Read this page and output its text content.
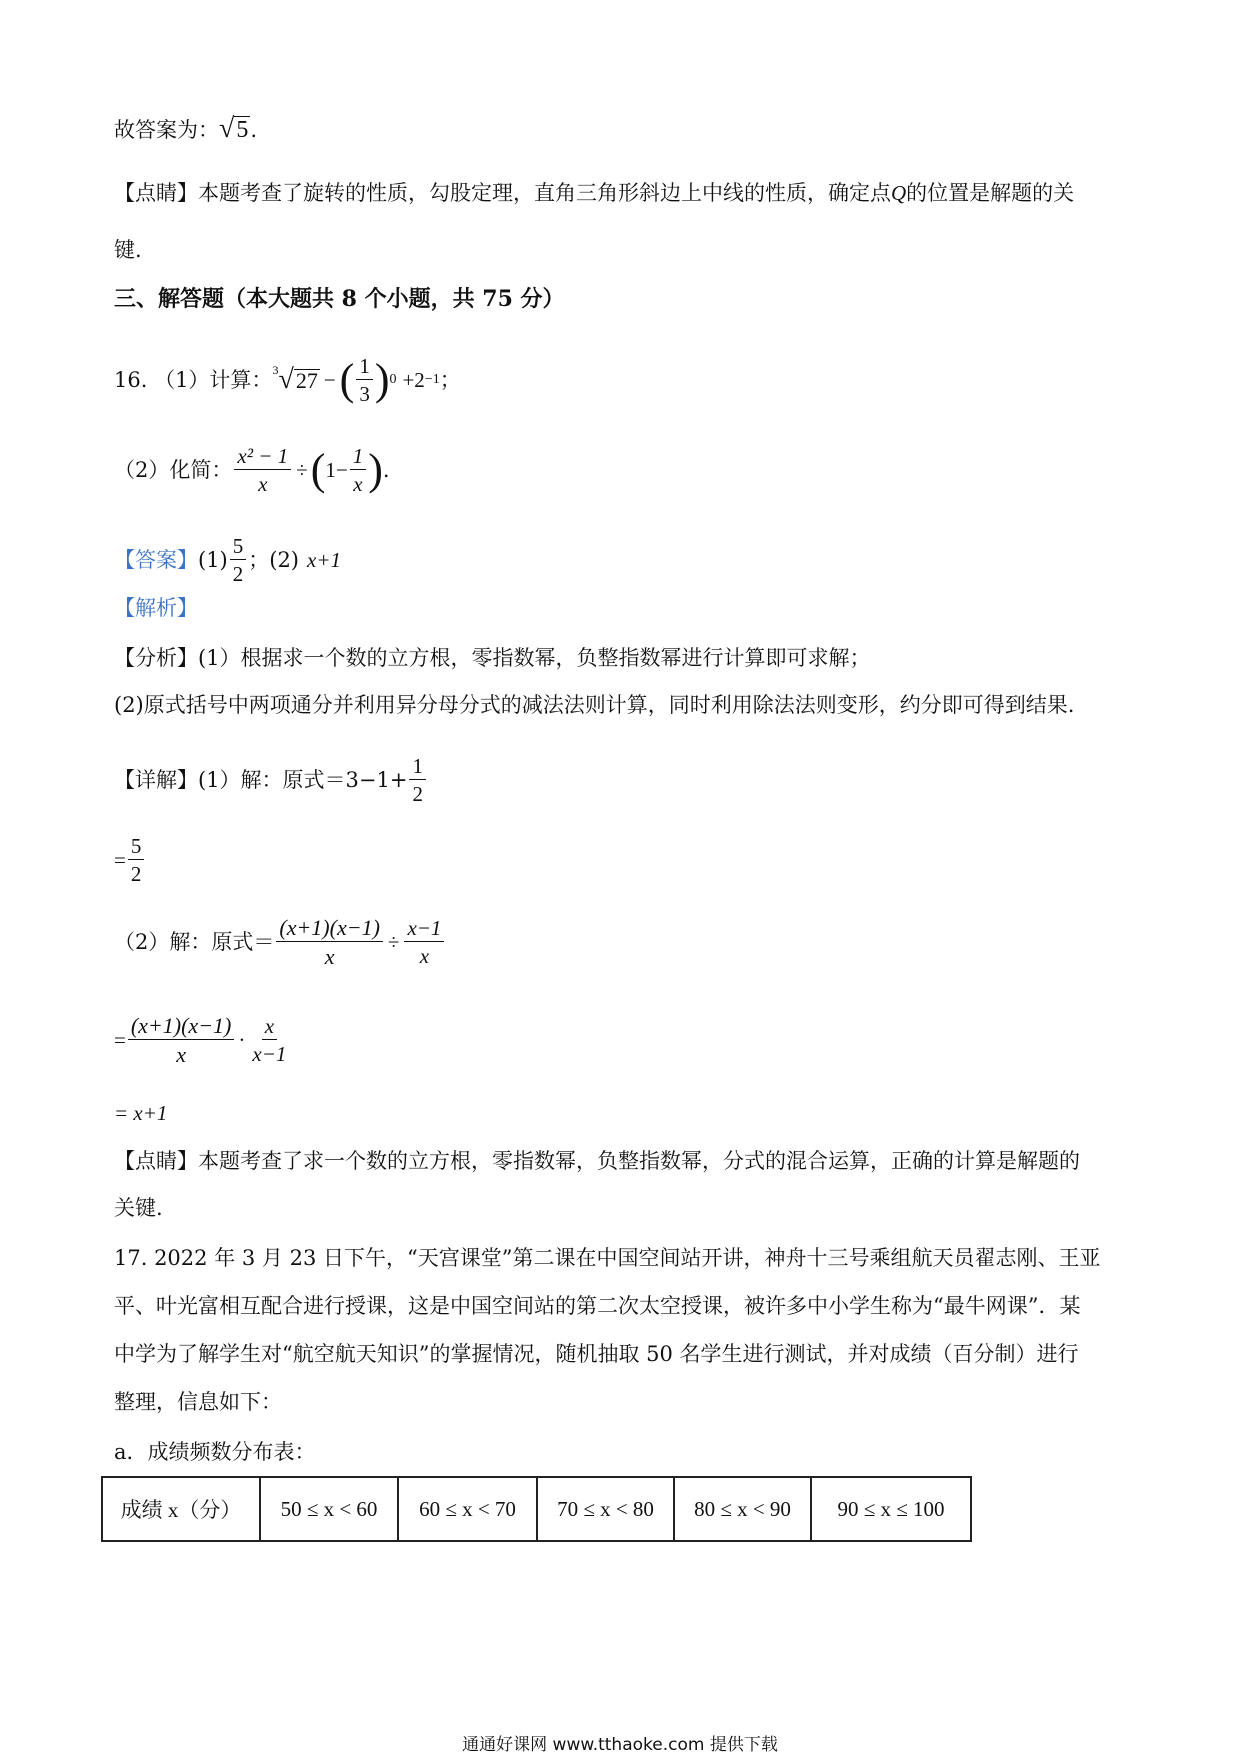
故答案为：√5.
【点睛】本题考查了旋转的性质，勾股定理，直角三角形斜边上中线的性质，确定点Q的位置是解题的关
键.
三、解答题（本大题共 8 个小题，共 75 分）
16. （1）计算： 3 √ 27 − ( $\frac{1}{3}$ ) 0 +2 −1 ；
（2）化简： $\frac{\text{x² − 1}}{x}$ ÷ ( $1- \frac{1}{x}$ ) .
【答案】 $(1) \frac{5}{2}$ ；(2) x+1
【解析】
【分析】(1）根据求一个数的立方根，零指数幂，负整指数幂进行计算即可求解；
(2)原式括号中两项通分并利用异分母分式的减法法则计算，同时利用除法法则变形，约分即可得到结果.
【详解】(1）解：原式$=3-1+ \frac{1}{2}$
= $\frac{5}{2}$
（2）解：原式＝ $\frac{(x+1)(x-1)}{x} \div \frac{x-1}{x}$
= $\frac{(x+1)(x-1)}{x} \cdot \frac{x}{x-1}$
= x+1
【点睛】本题考查了求一个数的立方根，零指数幂，负整指数幂，分式的混合运算，正确的计算是解题的
关键.
17. 2022 年 3 月 23 日下午，“天宫课堂”第二课在中国空间站开讲，神舟十三号乘组航天员翟志刚、王亚
平、叶光富相互配合进行授课，这是中国空间站的第二次太空授课，被许多中小学生称为“最牛网课”．某
中学为了解学生对“航空航天知识”的掌握情况，随机抽取 50 名学生进行测试，并对成绩（百分制）进行
整理，信息如下：
a．成绩频数分布表：
成绩 x（分）	50 ≤ x < 60	60 ≤ x < 70	70 ≤ x < 80	80 ≤ x < 90	90 ≤ x ≤ 100
通通好课网 www.tthaoke.com 提供下载
